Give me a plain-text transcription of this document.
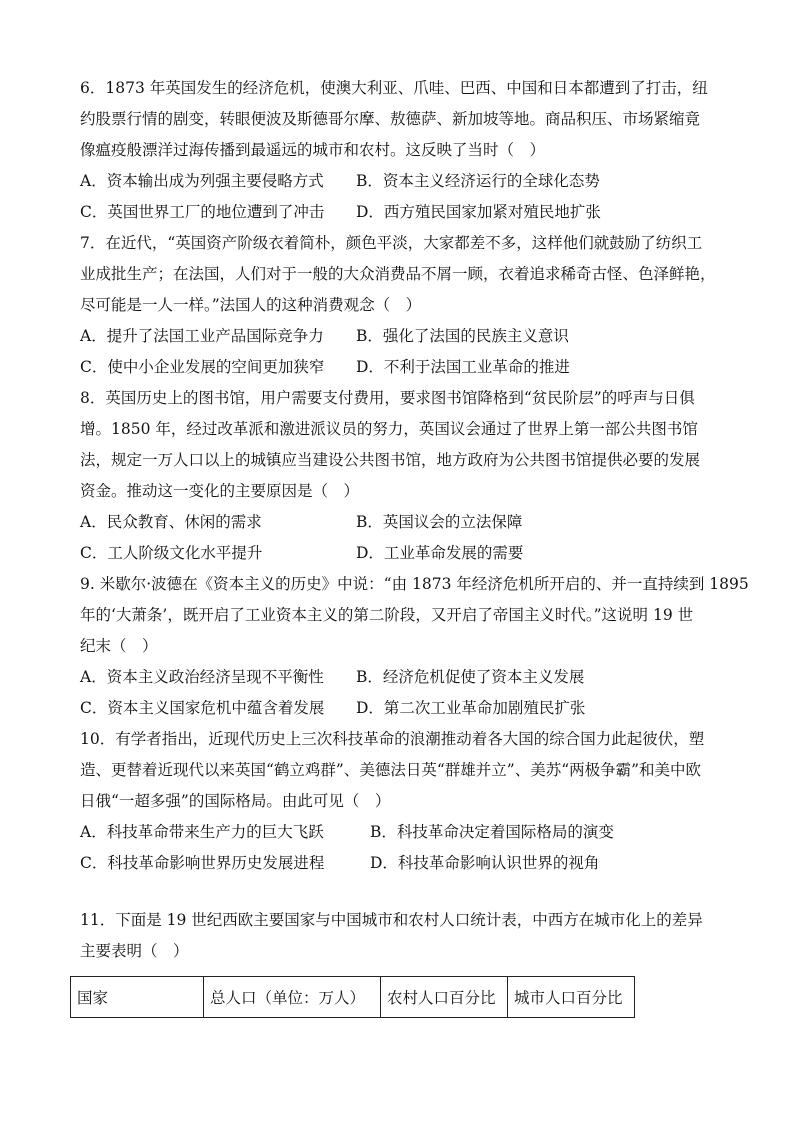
6．1873 年英国发生的经济危机，使澳大利亚、爪哇、巴西、中国和日本都遭到了打击，纽
约股票行情的剧变，转眼便波及斯德哥尔摩、敖德萨、新加坡等地。商品积压、市场紧缩竟
像瘟疫般漂洋过海传播到最遥远的城市和农村。这反映了当时（　）
A．资本输出成为列强主要侵略方式 B．资本主义经济运行的全球化态势
C．英国世界工厂的地位遭到了冲击 D．西方殖民国家加紧对殖民地扩张
7．在近代，“英国资产阶级衣着简朴，颜色平淡，大家都差不多，这样他们就鼓励了纺织工
业成批生产；在法国，人们对于一般的大众消费品不屑一顾，衣着追求稀奇古怪、色泽鲜艳，
尽可能是一人一样。”法国人的这种消费观念（　）
A．提升了法国工业产品国际竞争力 B．强化了法国的民族主义意识
C．使中小企业发展的空间更加狭窄 D．不利于法国工业革命的推进
8．英国历史上的图书馆，用户需要支付费用，要求图书馆降格到“贫民阶层”的呼声与日俱
增。1850 年，经过改革派和激进派议员的努力，英国议会通过了世界上第一部公共图书馆
法，规定一万人口以上的城镇应当建设公共图书馆，地方政府为公共图书馆提供必要的发展
资金。推动这一变化的主要原因是（　）
A．民众教育、休闲的需求	B．英国议会的立法保障
C．工人阶级文化水平提升	D．工业革命发展的需要
9. 米歇尔·波德在《资本主义的历史》中说：“由 1873 年经济危机所开启的、并一直持续到 1895
年的‘大萧条’，既开启了工业资本主义的第二阶段，又开启了帝国主义时代。”这说明 19 世
纪末（　）
A．资本主义政治经济呈现不平衡性 B．经济危机促使了资本主义发展
C．资本主义国家危机中蕴含着发展 D．第二次工业革命加剧殖民扩张
10．有学者指出，近现代历史上三次科技革命的浪潮推动着各大国的综合国力此起彼伏，塑
造、更替着近现代以来英国“鹤立鸡群”、美德法日英“群雄并立”、美苏“两极争霸”和美中欧
日俄“一超多强”的国际格局。由此可见（　）
A．科技革命带来生产力的巨大飞跃	B．科技革命决定着国际格局的演变
C．科技革命影响世界历史发展进程	D．科技革命影响认识世界的视角
11．下面是 19 世纪西欧主要国家与中国城市和农村人口统计表，中西方在城市化上的差异
主要表明（　）
国家	总人口（单位：万人）	农村人口百分比	城市人口百分比
